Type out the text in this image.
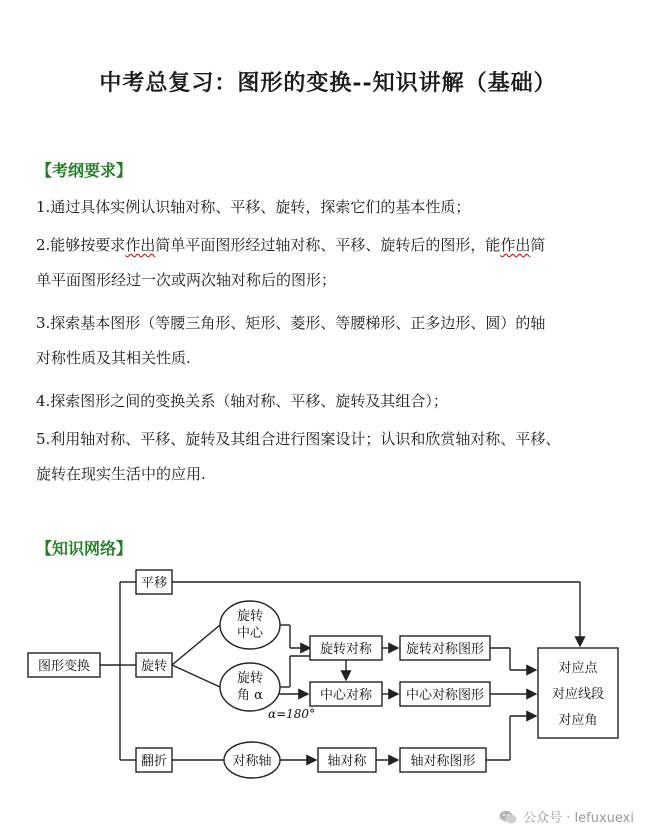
中考总复习：图形的变换--知识讲解（基础）
【考纲要求】
1.通过具体实例认识轴对称、平移、旋转，探索它们的基本性质；
2.能够按要求作出简单平面图形经过轴对称、平移、旋转后的图形，能作出简
单平面图形经过一次或两次轴对称后的图形；
3.探索基本图形（等腰三角形、矩形、菱形、等腰梯形、正多边形、圆）的轴
对称性质及其相关性质.
4.探索图形之间的变换关系（轴对称、平移、旋转及其组合）；
5.利用轴对称、平移、旋转及其组合进行图案设计；认识和欣赏轴对称、平移、
旋转在现实生活中的应用.
【知识网络】
图形变换
平移
旋转
翻折
旋转
中心
旋转
角 α
α=180°
旋转对称
中心对称
旋转对称图形
中心对称图形
对称轴	轴对称	轴对称图形
对应点
对应线段
对应角
公众号 · lefuxuexi
